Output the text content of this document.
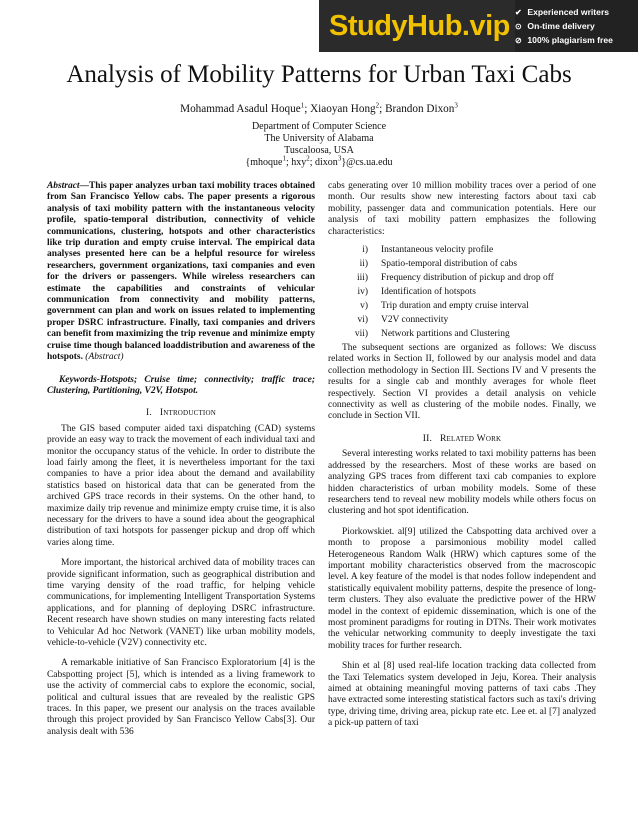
StudyHub.vip ✔ Experienced writers
⊙ On-time delivery
⊘ 100% plagiarism free
Analysis of Mobility Patterns for Urban Taxi Cabs
Mohammad Asadul Hoque$^1$; Xiaoyan Hong$^2$; Brandon Dixon$^3$
Department of Computer Science
The University of Alabama
Tuscaloosa, USA
{mhoque$^1$; hxy$^2$; dixon$^3$}@cs.ua.edu

Abstract—This paper analyzes urban taxi mobility traces obtained from San Francisco Yellow cabs. The paper presents a rigorous analysis of taxi mobility pattern with the instantaneous velocity profile, spatio-temporal distribution, connectivity of vehicle communications, clustering, hotspots and other characteristics like trip duration and empty cruise interval. The empirical data analyses presented here can be a helpful resource for wireless researchers, government organizations, taxi companies and even for the drivers or passengers. While wireless researchers can estimate the capabilities and constraints of vehicular communication from connectivity and mobility patterns, government can plan and work on issues related to implementing proper DSRC infrastructure. Finally, taxi companies and drivers can benefit from maximizing the trip revenue and minimize empty cruise time though balanced loaddistribution and awareness of the hotspots. (Abstract)

Keywords-Hotspots; Cruise time; connectivity; traffic trace; Clustering, Partitioning, V2V, Hotspot.

I. Introduction

The GIS based computer aided taxi dispatching (CAD) systems provide an easy way to track the movement of each individual taxi and monitor the occupancy status of the vehicle. In order to distribute the load fairly among the fleet, it is nevertheless important for the taxi companies to have a prior idea about the demand and availability statistics based on historical data that can be generated from the archived GPS trace records in their systems. On the other hand, to maximize daily trip revenue and minimize empty cruise time, it is also necessary for the drivers to have a sound idea about the geographical distribution of taxi hotspots for passenger pickup and drop off which varies along time.

More important, the historical archived data of mobility traces can provide significant information, such as geographical distribution and time varying density of the road traffic, for helping vehicle communications, for implementing Intelligent Transportation Systems applications, and for planning of deploying DSRC infrastructure. Recent research have shown studies on many interesting facts related to Vehicular Ad hoc Network (VANET) like urban mobility models, vehicle-to-vehicle (V2V) connectivity etc.

A remarkable initiative of San Francisco Exploratorium [4] is the Cabspotting project [5], which is intended as a living framework to use the activity of commercial cabs to explore the economic, social, political and cultural issues that are revealed by the realistic GPS traces. In this paper, we present our analysis on the traces available through this project provided by San Francisco Yellow Cabs[3]. Our analysis dealt with 536

cabs generating over 10 million mobility traces over a period of one month. Our results show new interesting factors about taxi cab mobility, passenger data and communication potentials. Here our analysis of taxi mobility pattern emphasizes the following characteristics:

i) Instantaneous velocity profile
ii) Spatio-temporal distribution of cabs
iii) Frequency distribution of pickup and drop off
iv) Identification of hotspots
v) Trip duration and empty cruise interval
vi) V2V connectivity
vii) Network partitions and Clustering

The subsequent sections are organized as follows: We discuss related works in Section II, followed by our analysis model and data collection methodology in Section III. Sections IV and V presents the results for a single cab and monthly averages for whole fleet respectively. Section VI provides a detail analysis on vehicle connectivity as well as clustering of the mobile nodes. Finally, we conclude in Section VII.

II. Related Work

Several interesting works related to taxi mobility patterns has been addressed by the researchers. Most of these works are based on analyzing GPS traces from different taxi cab companies to explore hidden characteristics of urban mobility models. Some of these researchers tend to reveal new mobility models while others focus on clustering and hot spot identification.

Piorkowskiet. al[9] utilized the Cabspotting data archived over a month to propose a parsimonious mobility model called Heterogeneous Random Walk (HRW) which captures some of the important mobility characteristics observed from the macroscopic level. A key feature of the model is that nodes follow independent and statistically equivalent mobility patterns, despite the presence of long-term clusters. They also evaluate the predictive power of the HRW model in the context of epidemic dissemination, which is one of the most prominent paradigms for routing in DTNs. Their work motivates the vehicular networking community to deeply investigate the taxi mobility traces for further research.

Shin et al [8] used real-life location tracking data collected from the Taxi Telematics system developed in Jeju, Korea. Their analysis aimed at obtaining meaningful moving patterns of taxi cabs .They have extracted some interesting statistical factors such as taxi's driving type, driving time, driving area, pickup rate etc. Lee et. al [7] analyzed a pick-up pattern of taxi
